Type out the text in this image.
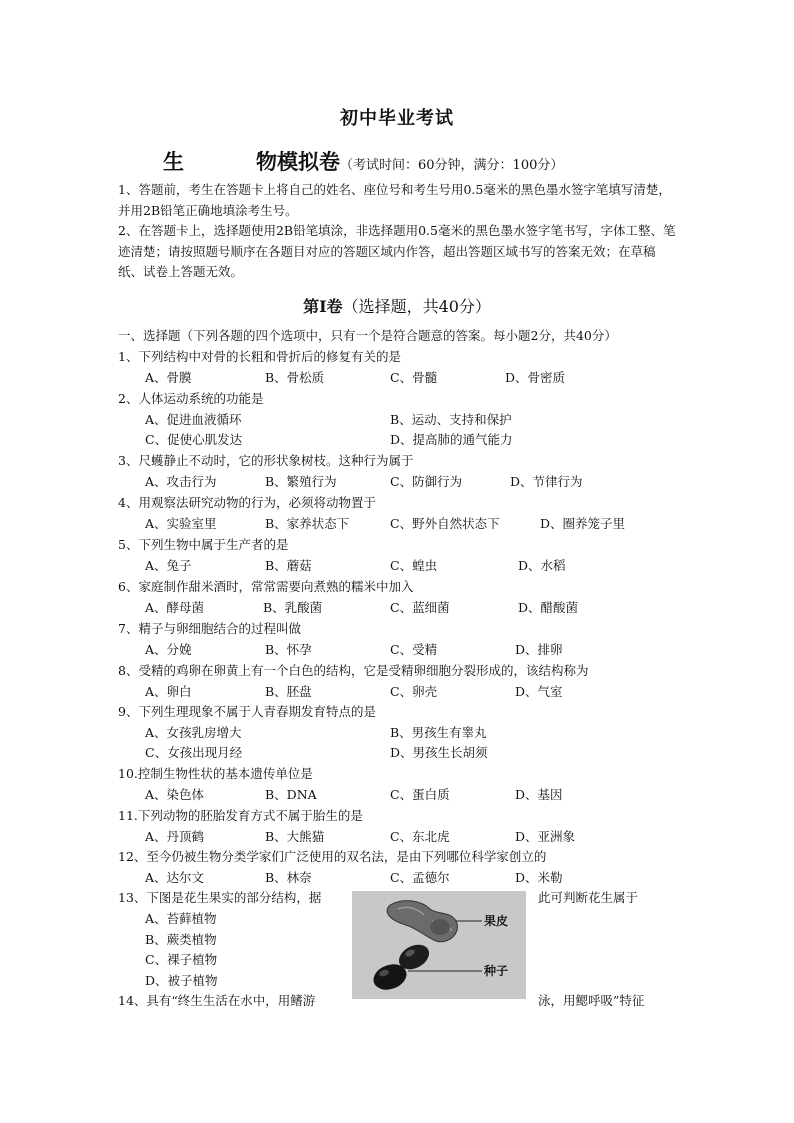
初中毕业考试
生	物模拟卷（考试时间：60分钟，满分：100分）
1、答题前，考生在答题卡上将自己的姓名、座位号和考生号用0.5毫米的黑色墨水签字笔填写清楚，并用2B铅笔正确地填涂考生号。
2、在答题卡上，选择题使用2B铅笔填涂，非选择题用0.5毫米的黑色墨水签字笔书写，字体工整、笔迹清楚；请按照题号顺序在各题目对应的答题区域内作答，超出答题区域书写的答案无效；在草稿纸、试卷上答题无效。
第Ⅰ卷（选择题，共40分）
一、选择题（下列各题的四个选项中，只有一个是符合题意的答案。每小题2分，共40分）
1、下列结构中对骨的长粗和骨折后的修复有关的是
A、骨膜	B、骨松质	C、骨髓	D、骨密质
2、人体运动系统的功能是
A、促进血液循环	B、运动、支持和保护
C、促使心肌发达	D、提高肺的通气能力
3、尺蠖静止不动时，它的形状象树枝。这种行为属于
A、攻击行为	B、繁殖行为	C、防御行为	D、节律行为
4、用观察法研究动物的行为，必须将动物置于
A、实验室里	B、家养状态下	C、野外自然状态下	D、圈养笼子里
5、下列生物中属于生产者的是
A、兔子	B、蘑菇	C、蝗虫	D、水稻
6、家庭制作甜米酒时，常常需要向煮熟的糯米中加入
A、酵母菌	B、乳酸菌	C、蓝细菌	D、醋酸菌
7、精子与卵细胞结合的过程叫做
A、分娩	B、怀孕	C、受精	D、排卵
8、受精的鸡卵在卵黄上有一个白色的结构，它是受精卵细胞分裂形成的，该结构称为
A、卵白	B、胚盘	C、卵壳	D、气室
9、下列生理现象不属于人青春期发育特点的是
A、女孩乳房增大	B、男孩生有睾丸
C、女孩出现月经	D、男孩生长胡须
10.控制生物性状的基本遗传单位是
A、染色体	B、DNA	C、蛋白质	D、基因
11.下列动物的胚胎发育方式不属于胎生的是
A、丹顶鹤	B、大熊猫	C、东北虎	D、亚洲象
12、至今仍被生物分类学家们广泛使用的双名法，是由下列哪位科学家创立的
A、达尔文	B、林奈	C、孟德尔	D、米勒
13、下图是花生果实的部分结构，据	此可判断花生属于
A、苔藓植物
B、蕨类植物
C、裸子植物
D、被子植物
果皮
种子
14、具有“终生生活在水中，用鳍游	泳，用鳃呼吸”特征
